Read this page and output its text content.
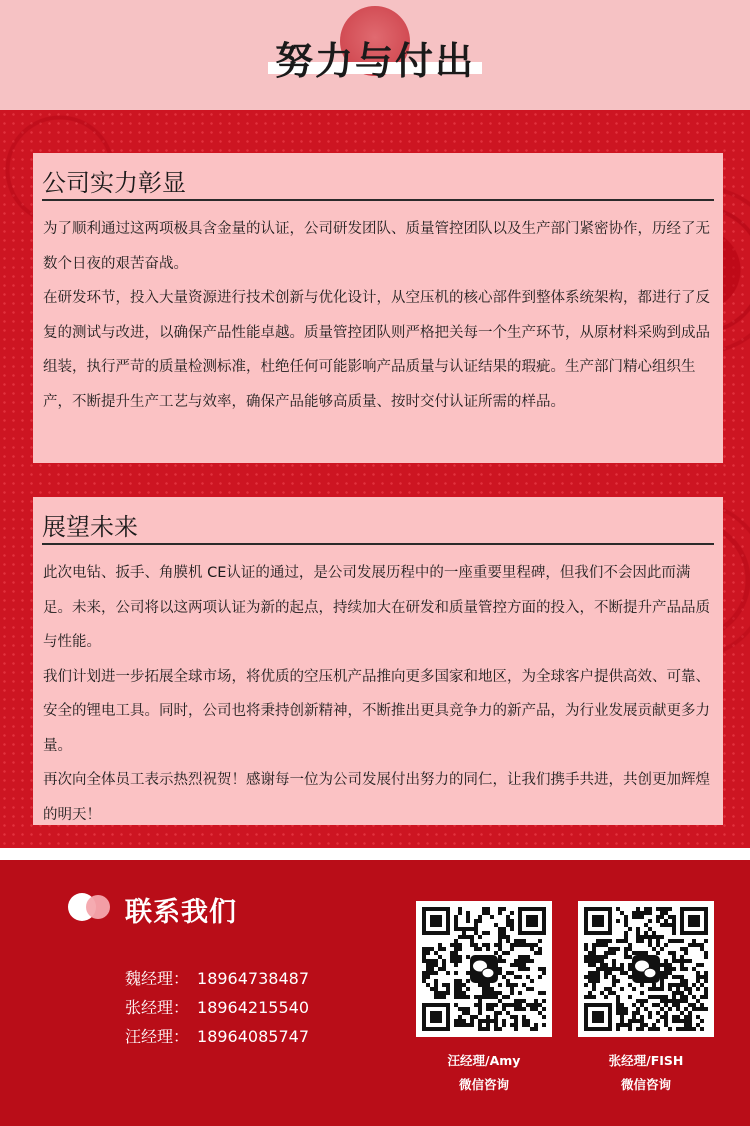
努力与付出
公司实力彰显

为了顺利通过这两项极具含金量的认证，公司研发团队、质量管控团队以及生产部门紧密协作，历经了无数个日夜的艰苦奋战。

在研发环节，投入大量资源进行技术创新与优化设计，从空压机的核心部件到整体系统架构，都进行了反复的测试与改进，以确保产品性能卓越。质量管控团队则严格把关每一个生产环节，从原材料采购到成品组装，执行严苛的质量检测标准，杜绝任何可能影响产品质量与认证结果的瑕疵。生产部门精心组织生产，不断提升生产工艺与效率，确保产品能够高质量、按时交付认证所需的样品。

展望未来

此次电钻、扳手、角膜机 CE认证的通过，是公司发展历程中的一座重要里程碑，但我们不会因此而满足。未来，公司将以这两项认证为新的起点，持续加大在研发和质量管控方面的投入，不断提升产品品质与性能。

我们计划进一步拓展全球市场，将优质的空压机产品推向更多国家和地区，为全球客户提供高效、可靠、安全的锂电工具。同时，公司也将秉持创新精神，不断推出更具竞争力的新产品，为行业发展贡献更多力量。

再次向全体员工表示热烈祝贺！感谢每一位为公司发展付出努力的同仁，让我们携手共进，共创更加辉煌的明天！

联系我们
魏经理： 18964738487
张经理： 18964215540
汪经理： 18964085747
汪经理/Amy
微信咨询
张经理/FISH
微信咨询
